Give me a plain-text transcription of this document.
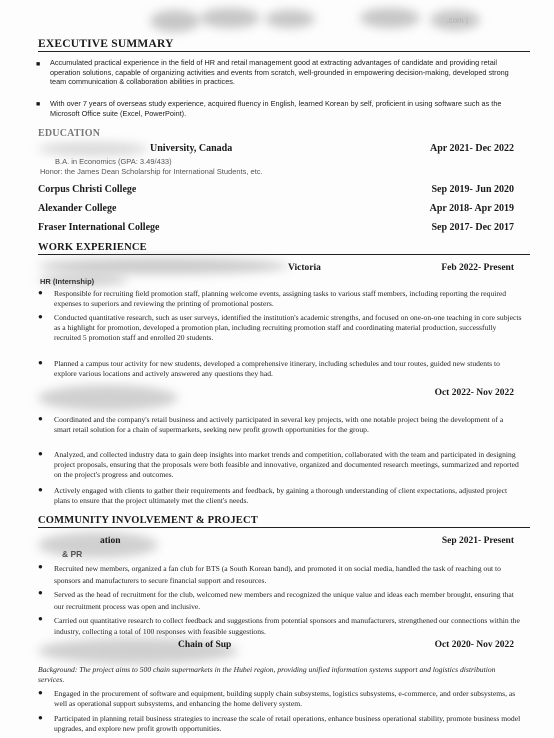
.com |
EXECUTIVE SUMMARY
■ Accumulated practical experience in the field of HR and retail management good at extracting advantages of candidate and providing retail operation solutions, capable of organizing activities and events from scratch, well-grounded in empowering decision-making, developed strong team communication & collaboration abilities in practices.
■ With over 7 years of overseas study experience, acquired fluency in English, learned Korean by self, proficient in using software such as the Microsoft Office suite (Excel, PowerPoint).
EDUCATION
University, Canada	Apr 2021- Dec 2022
B.A. in Economics (GPA: 3.49/433)
Honor: the James Dean Scholarship for International Students, etc.
Corpus Christi College	Sep 2019- Jun 2020
Alexander College	Apr 2018- Apr 2019
Fraser International College	Sep 2017- Dec 2017
WORK EXPERIENCE
Victoria	Feb 2022- Present
HR (Internship)
● Responsible for recruiting field promotion staff, planning welcome events, assigning tasks to various staff members, including reporting the required expenses to superiors and reviewing the printing of promotional posters.
● Conducted quantitative research, such as user surveys, identified the institution's academic strengths, and focused on one-on-one teaching in core subjects as a highlight for promotion, developed a promotion plan, including recruiting promotion staff and coordinating material production, successfully recruited 5 promotion staff and enrolled 20 students.
● Planned a campus tour activity for new students, developed a comprehensive itinerary, including schedules and tour routes, guided new students to explore various locations and actively answered any questions they had.
Oct 2022- Nov 2022
● Coordinated and the company's retail business and actively participated in several key projects, with one notable project being the development of a smart retail solution for a chain of supermarkets, seeking new profit growth opportunities for the group.
● Analyzed, and collected industry data to gain deep insights into market trends and competition, collaborated with the team and participated in designing project proposals, ensuring that the proposals were both feasible and innovative, organized and documented research meetings, summarized and reported on the project's progress and outcomes.
● Actively engaged with clients to gather their requirements and feedback, by gaining a thorough understanding of client expectations, adjusted project plans to ensure that the project ultimately met the client's needs.
COMMUNITY INVOLVEMENT & PROJECT
ation	Sep 2021- Present
& PR
● Recruited new members, organized a fan club for BTS (a South Korean band), and promoted it on social media, handled the task of reaching out to sponsors and manufacturers to secure financial support and resources.
● Served as the head of recruitment for the club, welcomed new members and recognized the unique value and ideas each member brought, ensuring that our recruitment process was open and inclusive.
● Carried out quantitative research to collect feedback and suggestions from potential sponsors and manufacturers, strengthened our connections within the industry, collecting a total of 100 responses with feasible suggestions.
Chain of Sup	Oct 2020- Nov 2022
Background: The project aims to 500 chain supermarkets in the Hubei region, providing unified information systems support and logistics distribution services.
● Engaged in the procurement of software and equipment, building supply chain subsystems, logistics subsystems, e-commerce, and order subsystems, as well as operational support subsystems, and enhancing the home delivery system.
● Participated in planning retail business strategies to increase the scale of retail operations, enhance business operational stability, promote business model upgrades, and explore new profit growth opportunities.
